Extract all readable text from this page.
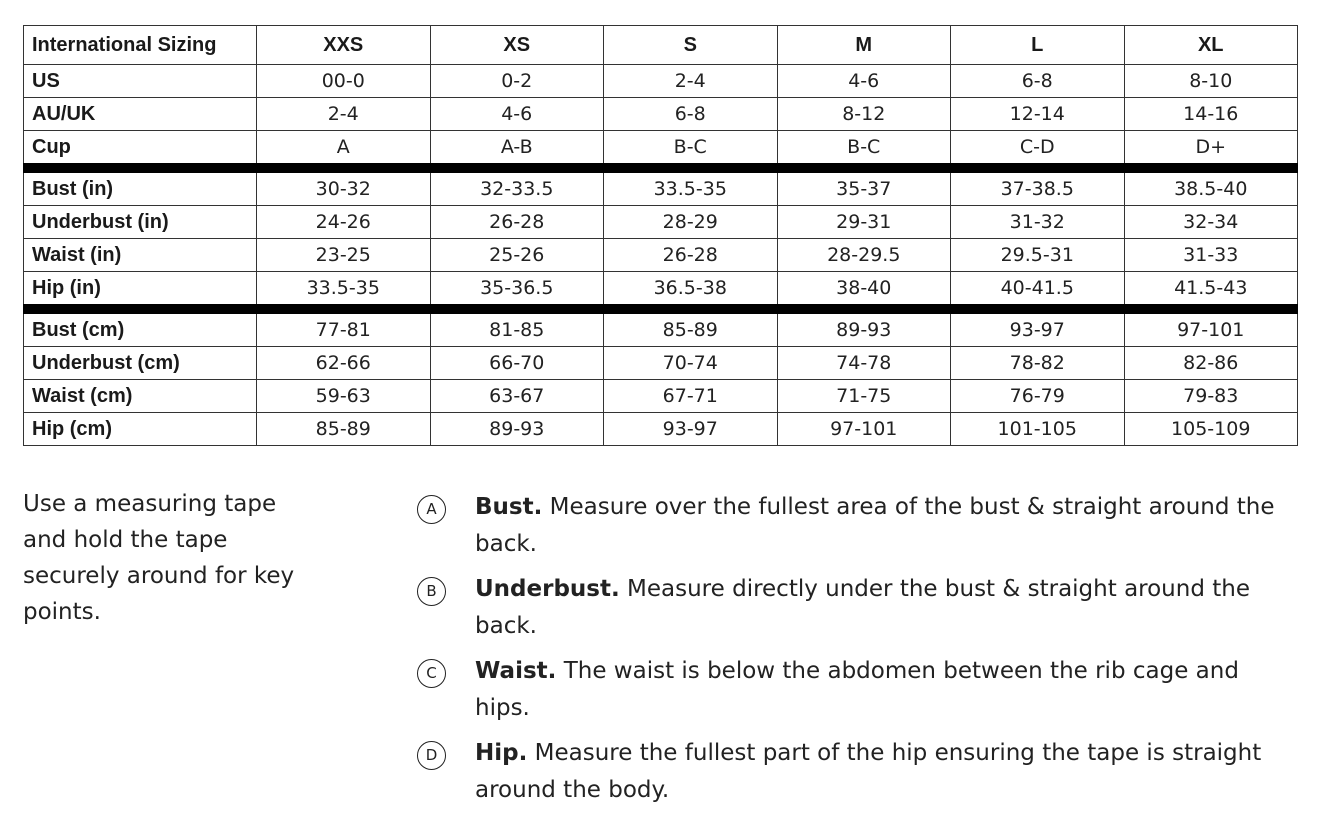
International Sizing	XXS	XS	S	M	L	XL
US	00-0	0-2	2-4	4-6	6-8	8-10
AU/UK	2-4	4-6	6-8	8-12	12-14	14-16
Cup	A	A-B	B-C	B-C	C-D	D+
Bust (in)	30-32	32-33.5	33.5-35	35-37	37-38.5	38.5-40
Underbust (in)	24-26	26-28	28-29	29-31	31-32	32-34
Waist (in)	23-25	25-26	26-28	28-29.5	29.5-31	31-33
Hip (in)	33.5-35	35-36.5	36.5-38	38-40	40-41.5	41.5-43
Bust (cm)	77-81	81-85	85-89	89-93	93-97	97-101
Underbust (cm)	62-66	66-70	70-74	74-78	78-82	82-86
Waist (cm)	59-63	63-67	67-71	71-75	76-79	79-83
Hip (cm)	85-89	89-93	93-97	97-101	101-105	105-109
Use a measuring tape and hold the tape securely around for key points.
A	Bust. Measure over the fullest area of the bust & straight around the back.
B	Underbust. Measure directly under the bust & straight around the back.
C	Waist. The waist is below the abdomen between the rib cage and hips.
D	Hip. Measure the fullest part of the hip ensuring the tape is straight around the body.
